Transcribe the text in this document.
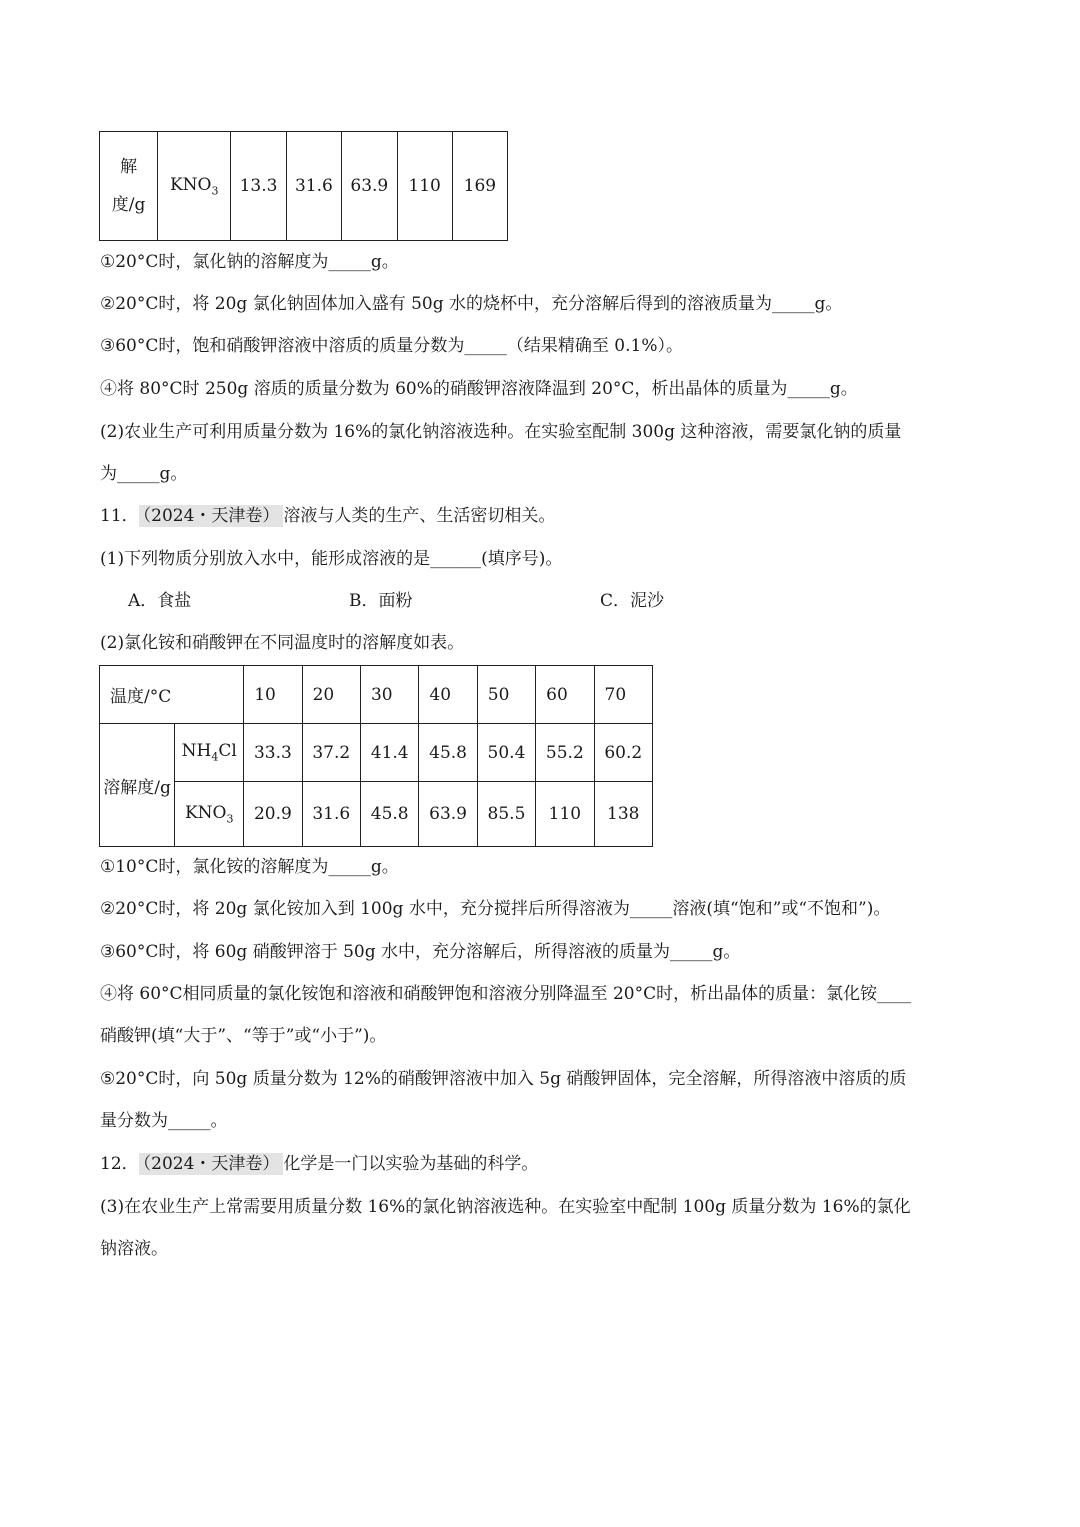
解
度/g	$KNO_3$	13.3	31.6	63.9	110	169
①20°C时，氯化钠的溶解度为_____g。
②20°C时，将 20g 氯化钠固体加入盛有 50g 水的烧杯中，充分溶解后得到的溶液质量为_____g。
③60°C时，饱和硝酸钾溶液中溶质的质量分数为_____（结果精确至 0.1%）。
④将 80°C时 250g 溶质的质量分数为 60%的硝酸钾溶液降温到 20°C，析出晶体的质量为_____g。
(2)农业生产可利用质量分数为 16%的氯化钠溶液选种。在实验室配制 300g 这种溶液，需要氯化钠的质量
为_____g。
11． （2024・天津卷） 溶液与人类的生产、生活密切相关。
(1)下列物质分别放入水中，能形成溶液的是______(填序号)。
A．食盐	B．面粉	C．泥沙
(2)氯化铵和硝酸钾在不同温度时的溶解度如表。
温度/°C		10	20	30	40	50	60	70
溶解度/g	$NH_4Cl$	33.3	37.2	41.4	45.8	50.4	55.2	60.2
	$KNO_3$	20.9	31.6	45.8	63.9	85.5	110	138
①10°C时，氯化铵的溶解度为_____g。
②20°C时，将 20g 氯化铵加入到 100g 水中，充分搅拌后所得溶液为_____溶液(填“饱和”或“不饱和”)。
③60°C时，将 60g 硝酸钾溶于 50g 水中，充分溶解后，所得溶液的质量为_____g。
④将 60°C相同质量的氯化铵饱和溶液和硝酸钾饱和溶液分别降温至 20°C时，析出晶体的质量：氯化铵____
硝酸钾(填“大于”、“等于”或“小于”)。
⑤20°C时，向 50g 质量分数为 12%的硝酸钾溶液中加入 5g 硝酸钾固体，完全溶解，所得溶液中溶质的质
量分数为_____。
12． （2024・天津卷） 化学是一门以实验为基础的科学。
(3)在农业生产上常需要用质量分数 16%的氯化钠溶液选种。在实验室中配制 100g 质量分数为 16%的氯化
钠溶液。
